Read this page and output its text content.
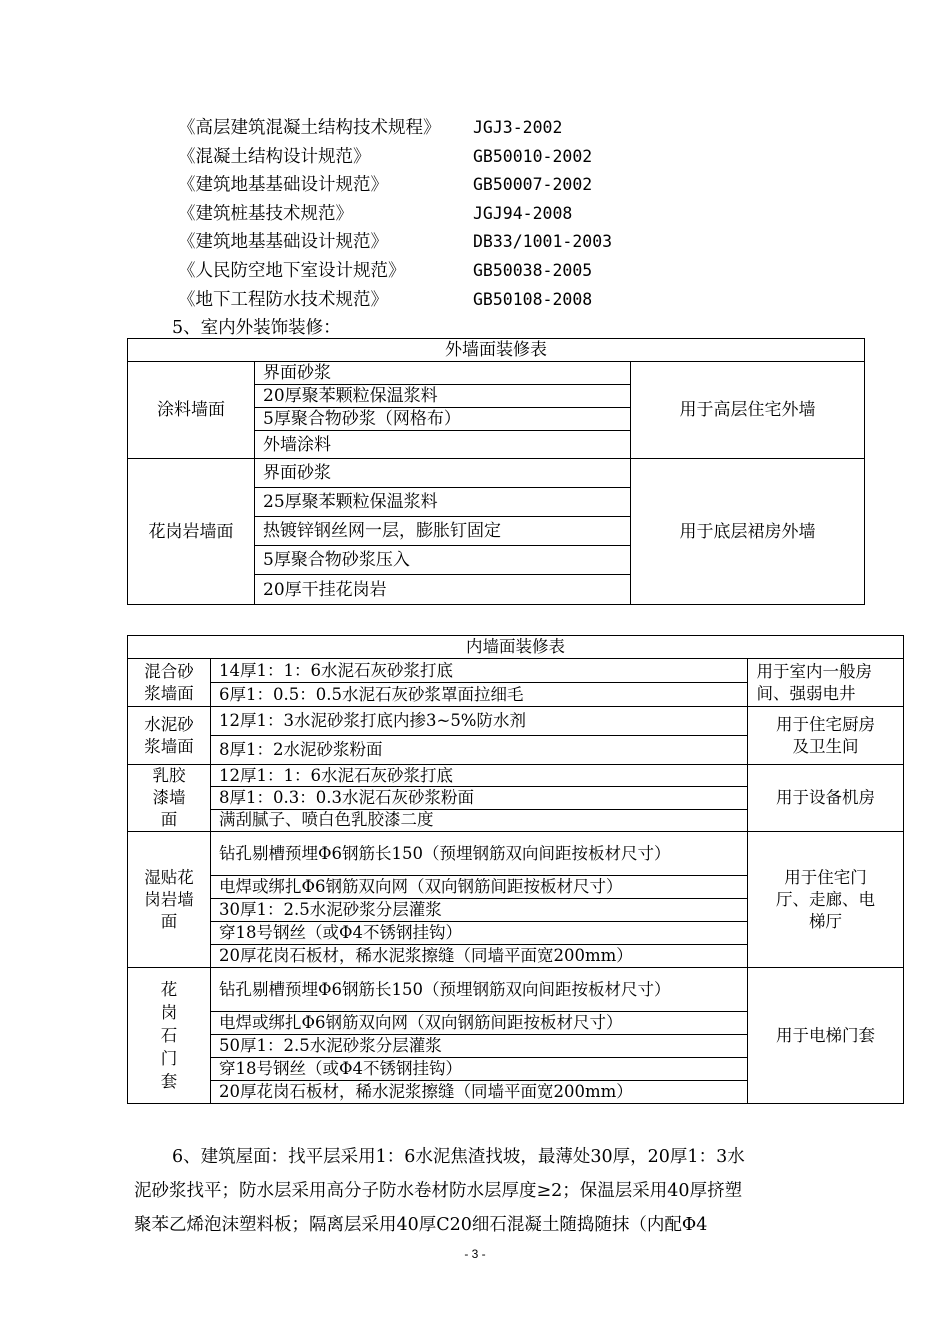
《高层建筑混凝土结构技术规程》 JGJ3-2002
《混凝土结构设计规范》	GB50010-2002
《建筑地基基础设计规范》	GB50007-2002
《建筑桩基技术规范》	JGJ94-2008
《建筑地基基础设计规范》	DB33/1001-2003
《人民防空地下室设计规范》	GB50038-2005
《地下工程防水技术规范》	GB50108-2008
5、室内外装饰装修：
外墙面装修表		
涂料墙面	界面砂浆	用于高层住宅外墙
	20厚聚苯颗粒保温浆料	
	5厚聚合物砂浆（网格布）	
	外墙涂料	
花岗岩墙面	界面砂浆	用于底层裙房外墙
	25厚聚苯颗粒保温浆料	
	热镀锌钢丝网一层，膨胀钉固定	
	5厚聚合物砂浆压入	
	20厚干挂花岗岩	
内墙面装修表		

混合砂浆墙面	14厚1：1：6水泥石灰砂浆打底	用于室内一般房间、强弱电井

	6厚1：0.5：0.5水泥石灰砂浆罩面拉细毛	

水泥砂浆墙面	12厚1：3水泥砂浆打底内掺3~5%防水剂	用于住宅厨房及卫生间

	8厚1：2水泥砂浆粉面	

乳胶漆墙面	12厚1：1：6水泥石灰砂浆打底	用于设备机房
	8厚1：0.3：0.3水泥石灰砂浆粉面	
	满刮腻子、喷白色乳胶漆二度	

湿贴花岗岩墙面	钻孔剔槽预埋Φ6钢筋长150（预埋钢筋双向间距按板材尺寸）	用于住宅门厅、走廊、电梯厅

	电焊或绑扎Φ6钢筋双向网（双向钢筋间距按板材尺寸）	
	30厚1：2.5水泥砂浆分层灌浆	
	穿18号钢丝（或Φ4不锈钢挂钩）	
	20厚花岗石板材，稀水泥浆擦缝（同墙平面宽200mm）	

花岗石门套	钻孔剔槽预埋Φ6钢筋长150（预埋钢筋双向间距按板材尺寸）	用于电梯门套
	电焊或绑扎Φ6钢筋双向网（双向钢筋间距按板材尺寸）	
	50厚1：2.5水泥砂浆分层灌浆	
	穿18号钢丝（或Φ4不锈钢挂钩）	
	20厚花岗石板材，稀水泥浆擦缝（同墙平面宽200mm）	

6、建筑屋面：找平层采用1：6水泥焦渣找坡，最薄处30厚，20厚1：3水

泥砂浆找平；防水层采用高分子防水卷材防水层厚度≥2；保温层采用40厚挤塑

聚苯乙烯泡沫塑料板；隔离层采用40厚C20细石混凝土随捣随抹（内配Φ4

- 3 -
